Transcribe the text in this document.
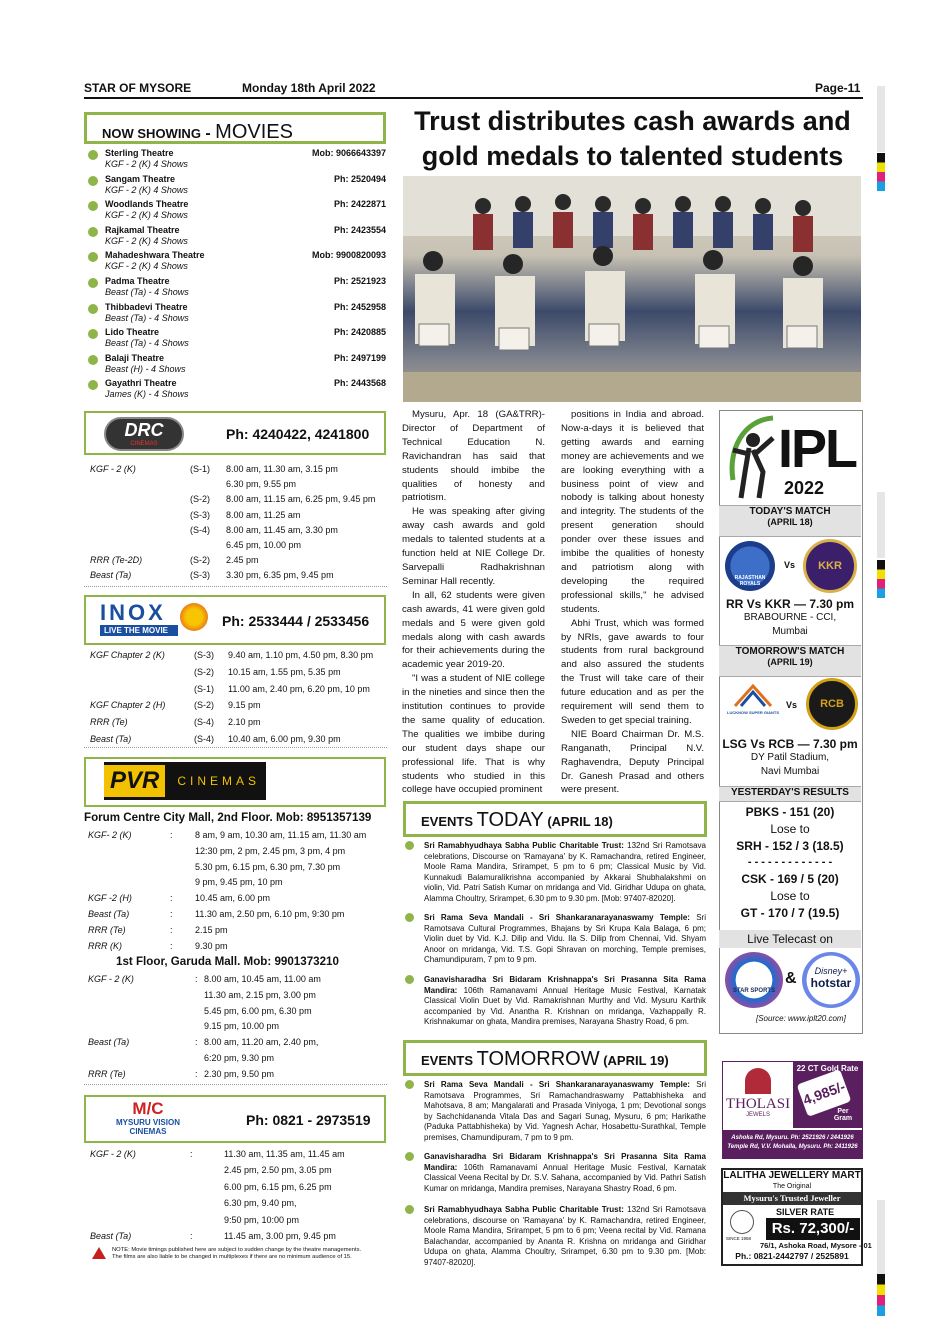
STAR OF MYSORE	Monday 18th April 2022	Page-11
NOW SHOWING - MOVIES
Sterling Theatre
KGF - 2 (K) 4 Shows
Mob: 9066643397
Sangam Theatre
KGF - 2 (K) 4 Shows
Ph: 2520494
Woodlands Theatre
KGF - 2 (K) 4 Shows
Ph: 2422871
Rajkamal Theatre
KGF - 2 (K) 4 Shows
Ph: 2423554
Mahadeshwara Theatre
KGF - 2 (K) 4 Shows
Mob: 9900820093
Padma Theatre
Beast (Ta) - 4 Shows
Ph: 2521923
Thibbadevi Theatre
Beast (Ta) - 4 Shows
Ph: 2452958
Lido Theatre
Beast (Ta) - 4 Shows
Ph: 2420885
Balaji Theatre
Beast (H) - 4 Shows
Ph: 2497199
Gayathri Theatre
James (K) - 4 Shows
Ph: 2443568
DRC
CINEMAS
Ph: 4240422, 4241800
KGF - 2 (K)	(S-1) 8.00 am, 11.30 am, 3.15 pm
6.30 pm, 9.55 pm
(S-2) 8.00 am, 11.15 am, 6.25 pm, 9.45 pm
(S-3) 8.00 am, 11.25 am
(S-4) 8.00 am, 11.45 am, 3.30 pm
6.45 pm, 10.00 pm
RRR (Te-2D)	(S-2) 2.45 pm
Beast (Ta)	(S-3) 3.30 pm, 6.35 pm, 9.45 pm
INOX
LIVE THE MOVIE
Ph: 2533444 / 2533456
KGF Chapter 2 (K)	(S-3) 9.40 am, 1.10 pm, 4.50 pm, 8.30 pm
(S-2) 10.15 am, 1.55 pm, 5.35 pm
(S-1) 11.00 am, 2.40 pm, 6.20 pm, 10 pm
KGF Chapter 2 (H)	(S-2) 9.15 pm
RRR (Te)	(S-4) 2.10 pm
Beast (Ta)	(S-4) 10.40 am, 6.00 pm, 9.30 pm
PVR	CINEMAS
Forum Centre City Mall, 2nd Floor. Mob: 8951357139
KGF- 2 (K)	: 8 am, 9 am, 10.30 am, 11.15 am, 11.30 am
12:30 pm, 2 pm, 2.45 pm, 3 pm, 4 pm
5.30 pm, 6.15 pm, 6.30 pm, 7.30 pm
9 pm, 9.45 pm, 10 pm
KGF -2 (H)	: 10.45 am, 6.00 pm
Beast (Ta)	: 11.30 am, 2.50 pm, 6.10 pm, 9:30 pm
RRR (Te)	: 2.15 pm
RRR (K)	: 9.30 pm
1st Floor, Garuda Mall. Mob: 9901373210
KGF - 2 (K)	: 8.00 am, 10.45 am, 11.00 am
11.30 am, 2.15 pm, 3.00 pm
5.45 pm, 6.00 pm, 6.30 pm
9.15 pm, 10.00 pm
Beast (Ta)	: 8.00 am, 11.20 am, 2.40 pm,
6:20 pm, 9.30 pm
RRR (Te)	: 2.30 pm, 9.50 pm
M/C
MYSURU VISION CINEMAS
Ph: 0821 - 2973519
KGF - 2 (K)	:	11.30 am, 11.35 am, 11.45 am
2.45 pm, 2.50 pm, 3.05 pm
6.00 pm, 6.15 pm, 6.25 pm
6.30 pm, 9.40 pm,
9:50 pm, 10:00 pm
Beast (Ta)	:	11.45 am, 3.00 pm, 9.45 pm
NOTE: Movie timings published here are subject to sudden change by the theatre managements.
The films are also liable to be changed in multiplexes if there are no minimum audience of 15.
Trust distributes cash awards and
gold medals to talented students

Mysuru, Apr. 18 (GA&TRR)- Director of Department of Technical Education N. Ravichandran has said that students should imbibe the qualities of honesty and patriotism.

He was speaking after giving away cash awards and gold medals to talented students at a function held at NIE College Dr. Sarvepalli Radhakrishnan Seminar Hall recently.

In all, 62 students were given cash awards, 41 were given gold medals and 5 were given gold medals along with cash awards for their achievements during the academic year 2019-20.

"I was a student of NIE college in the nineties and since then the institution continues to provide the same quality of education. The qualities we imbibe during our student days shape our professional life. That is why students who studied in this college have occupied prominent

positions in India and abroad. Now-a-days it is believed that getting awards and earning money are achievements and we are looking everything with a business point of view and nobody is talking about honesty and integrity. The students of the present generation should ponder over these issues and imbibe the qualities of honesty and patriotism along with developing the required professional skills," he advised students.

Abhi Trust, which was formed by NRIs, gave awards to four students from rural background and also assured the students the Trust will take care of their future education and as per the requirement will send them to Sweden to get special training.

NIE Board Chairman Dr. M.S. Ranganath, Principal N.V. Raghavendra, Deputy Principal Dr. Ganesh Prasad and others were present.

EVENTS TODAY (APRIL 18)
Sri Ramabhyudhaya Sabha Public Charitable Trust: 132nd Sri Ramotsava celebrations, Discourse on 'Ramayana' by K. Ramachandra, retired Engineer, Moole Rama Mandira, Srirampet, 5 pm to 6 pm; Classical Music by Vid. Kunnakudi Balamuralikrishna accompanied by Akkarai Shubhalakshmi on violin, Vid. Patri Satish Kumar on mridanga and Vid. Giridhar Udupa on ghata, Alamma Choultry, Srirampet, 6.30 pm to 9.30 pm. [Mob: 97407-82020].
Sri Rama Seva Mandali - Sri Shankaranarayanaswamy Temple: Sri Ramotsava Cultural Programmes, Bhajans by Sri Krupa Kala Balaga, 6 pm; Violin duet by Vid. K.J. Dilip and Vidu. Ila S. Dilip from Chennai, Vid. Shyam Anoor on mridanga, Vid. T.S. Gopi Shravan on morching, Temple premises, Chamundipuram, 7 pm to 9 pm.
Ganavisharadha Sri Bidaram Krishnappa's Sri Prasanna Sita Rama Mandira: 106th Ramanavami Annual Heritage Music Festival, Karnatak Classical Violin Duet by Vid. Ramakrishnan Murthy and Vid. Mysuru Karthik accompanied by Vid. Anantha R. Krishnan on mridanga, Vazhappally R. Krishnakumar on ghata, Mandira premises, Narayana Shastry Road, 6 pm.
EVENTS TOMORROW (APRIL 19)
Sri Rama Seva Mandali - Sri Shankaranarayanaswamy Temple: Sri Ramotsava Programmes, Sri Ramachandraswamy Pattabhisheka and Mahotsava, 8 am; Mangalarati and Prasada Viniyoga, 1 pm; Devotional songs by Sachchidananda Vitala Das and Sagari Sunag, Mysuru, 6 pm; Harikathe (Paduka Pattabhisheka) by Vid. Yagnesh Achar, Hosabettu-Surathkal, Temple premises, Chamundipuram, 7 pm to 9 pm.
Ganavisharadha Sri Bidaram Krishnappa's Sri Prasanna Sita Rama Mandira: 106th Ramanavami Annual Heritage Music Festival, Karnatak Classical Veena Recital by Dr. S.V. Sahana, accompanied by Vid. Pathri Satish Kumar on mridanga, Mandira premises, Narayana Shastry Road, 6 pm.
Sri Ramabhyudhaya Sabha Public Charitable Trust: 132nd Sri Ramotsava celebrations, discourse on 'Ramayana' by K. Ramachandra, retired Engineer, Moole Rama Mandira, Srirampet, 5 pm to 6 pm; Veena recital by Vid. Ramana Balachandar, accompanied by Ananta R. Krishna on mridanga and Giridhar Udupa on ghata, Alamma Choultry, Srirampet, 6.30 pm to 9.30 pm. [Mob: 97407-82020].
IPL
2022
TODAY'S MATCH
(APRIL 18)
RAJASTHAN ROYALS
Vs	KKR
RR Vs KKR — 7.30 pm
BRABOURNE - CCI,
Mumbai
TOMORROW'S MATCH
(APRIL 19)
LUCKNOW SUPER GIANTS
Vs	RCB
LSG Vs RCB — 7.30 pm
DY Patil Stadium,
Navi Mumbai
YESTERDAY'S RESULTS
PBKS - 151 (20)
Lose to
SRH - 152 / 3 (18.5)
- - - - - - - - - - - - -
CSK - 169 / 5 (20)
Lose to
GT - 170 / 7 (19.5)
Live Telecast on
STAR SPORTS
&	Disney+
hotstar
[Source: www.iplt20.com]
THOLASI
JEWELS
22 CT Gold Rate
4,985/-
Per Gram
Ashoka Rd, Mysuru. Ph: 2521926 / 2441926
Temple Rd, V.V. Mohalla, Mysuru. Ph: 2411926
LALITHA JEWELLERY MART
The Original
Mysuru's Trusted Jeweller
SILVER RATE
SINCE 1958
Rs. 72,300/-
76/1, Ashoka Road, Mysore - 01
Ph.: 0821-2442797 / 2525891
